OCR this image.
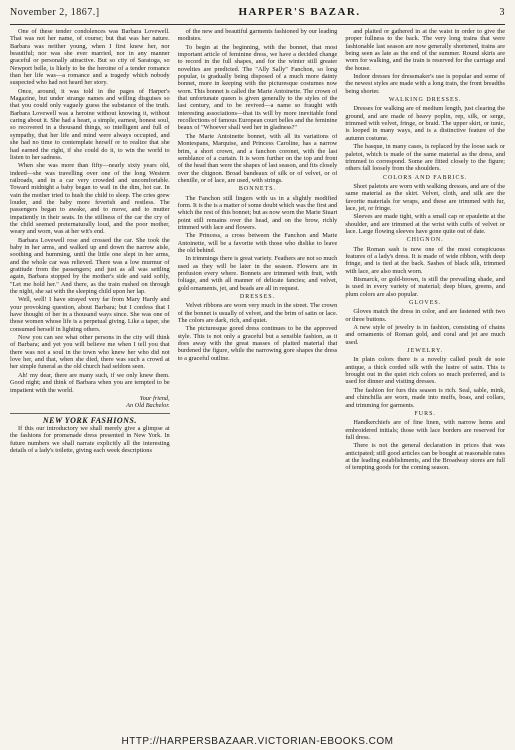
November 2, 1867.]	HARPER'S BAZAR.	3

One of these tender condolences was Barbara Lovewell. That was not her name, of course; but that was her nature. Barbara was neither young, when I first knew her, nor beautiful; nor was she ever married, nor in any manner graceful or personally attractive. But so city of Saratoga, so Newport belle, is likely to be the heroine of a tender romance than her life was—a romance and a tragedy which nobody suspected who had not heard her story.

Once, around, it was told in the pages of Harper's Magazine, but under strange names and willing disguises so that you could only vaguely guess the substance of the truth. Barbara Lovewell was a heroine without knowing it, without caring about it. She had a heart, a simple, earnest, honest soul, so recovered in a thousand things, so intelligent and full of sympathy, that her life and mind were always occupied, and she had no time to contemplate herself or to realize that she had earned the right, if she could do it, to win the world to listen to her sadness.

When she was more than fifty—nearly sixty years old, indeed—she was travelling over one of the long Western railroads, and in a car very crowded and uncomfortable. Toward midnight a baby began to wail in the dim, hot car. In vain the mother tried to hush the child to sleep. The cries grew louder, and the baby more feverish and restless. The passengers began to awake, and to move, and to mutter impatiently in their seats. In the stillness of the car the cry of the child seemed preternaturally loud, and the poor mother, weary and worn, was at her wit's end.

Barbara Lovewell rose and crossed the car. She took the baby in her arms, and walked up and down the narrow aisle, soothing and humming, until the little one slept in her arms, and the whole car was relieved. There was a low murmur of gratitude from the passengers; and just as all was settling again, Barbara stopped by the mother's side and said softly, "Let me hold her." And there, as the train rushed on through the night, she sat with the sleeping child upon her lap.

Well, well! I have strayed very far from Mary Hardy and your provoking question, about Barbara; but I confess that I have thought of her in a thousand ways since. She was one of those women whose life is a perpetual giving. Like a taper, she consumed herself in lighting others.

Now you can see what other persons in the city will think of Barbara; and yet you will believe me when I tell you that there was not a soul in the town who knew her who did not love her, and that, when she died, there was such a crowd at her simple funeral as the old church had seldom seen.

Ah! my dear, there are many such, if we only knew them. Good night; and think of Barbara when you are tempted to be impatient with the world.

Your friend,
An Old Bachelor.
NEW YORK FASHIONS.

If this our introductory we shall merely give a glimpse at the fashions for promenade dress presented in New York. In future numbers we shall narrate explicitly all the interesting details of a lady's toilette, giving each week descriptions

of the new and beautiful garments fashioned by our leading modistes.

To begin at the beginning, with the bonnet, that most important article of feminine dress, we have a decided change to record in the full shapes, and for the winter still greater novelties are predicted. The "Ally Sally" Fanchon, so long popular, is gradually being disposed of a much more dainty bonnet, more in keeping with the picturesque costumes now worn. This bonnet is called the Marie Antoinette. The crown of that unfortunate queen is given generally to the styles of the last century, and to be revived—a name so fraught with interesting associations—that its will by more inevitable fond recollections of famous European court belles and the feminine beaux of "Whoever shall wed her in gladness?"

The Marie Antoinette bonnet, with all its variations of Montespans, Marquise, and Princess Caroline, has a narrow brim, a short crown, and a fanchon coronet, with the last semblance of a curtain. It is worn further on the top and front of the head than were the shapes of last season, and fits closely over the chignon. Broad bandeaux of silk or of velvet, or of chenille, or of lace, are used, with strings.

BONNETS.

The Fanchon still lingers with us in a slightly modified form. It is the is a matter of some doubt which was the first and which the rest of this bonnet; but as now worn the Marie Stuart point still remains over the head, and on the brow, richly trimmed with lace and flowers.

The Princess, a cross between the Fanchon and Marie Antoinette, will be a favorite with those who dislike to leave the old behind.

In trimmings there is great variety. Feathers are not so much used as they will be later in the season. Flowers are in profusion every where. Bonnets are trimmed with fruit, with foliage, and with all manner of delicate fancies; and velvet, gold ornaments, jet, and beads are all in request.

DRESSES.

Velvet ribbons are worn very much in the street. The crown of the bonnet is usually of velvet, and the brim of satin or lace. The colors are dark, rich, and quiet.

The picturesque gored dress continues to be the approved style. This is not only a graceful but a sensible fashion, as it does away with the great masses of plaited material that burdened the figure, while the narrowing gore shapes the dress to a graceful outline.

and plaited or gathered in at the waist in order to give the proper fullness to the back. The very long trains that were fashionable last season are now generally shortened, trains are being seen as late as the end of the summer. Round skirts are worn for walking, and the train is reserved for the carriage and the house.

Indoor dresses for dressmaker's use is popular and some of the newest styles are made with a long train, the front breadths being shorter.

WALKING DRESSES.

Dresses for walking are of medium length, just clearing the ground, and are made of heavy poplin, rep, silk, or serge, trimmed with velvet, fringe, or braid. The upper skirt, or tunic, is looped in many ways, and is a distinctive feature of the autumn costume.

The basque, in many cases, is replaced by the loose sack or paletot, which is made of the same material as the dress, and trimmed to correspond. Some are fitted closely to the figure; others fall loosely from the shoulders.

COLORS AND FABRICS.

Short paletots are worn with walking dresses, and are of the same material as the skirt. Velvet, cloth, and silk are the favorite materials for wraps, and these are trimmed with fur, lace, jet, or fringe.

Sleeves are made tight, with a small cap or epaulette at the shoulder, and are trimmed at the wrist with cuffs of velvet or lace. Large flowing sleeves have gone quite out of date.

CHIGNON.

The Roman sash is now one of the most conspicuous features of a lady's dress. It is made of wide ribbon, with deep fringe, and is tied at the back. Sashes of black silk, trimmed with lace, are also much worn.

Bismarck, or gold-brown, is still the prevailing shade, and is used in every variety of material; deep blues, greens, and plum colors are also popular.

GLOVES.

Gloves match the dress in color, and are fastened with two or three buttons.

A new style of jewelry is in fashion, consisting of chains and ornaments of Roman gold, and coral and jet are much used.

JEWELRY.

In plain colors there is a novelty called poult de soie antique, a thick corded silk with the lustre of satin. This is brought out in the quiet rich colors so much preferred, and is used for dinner and visiting dresses.

The fashion for furs this season is rich. Seal, sable, mink, and chinchilla are worn, made into muffs, boas, and collars, and trimming for garments.

FURS.

Handkerchiefs are of fine linen, with narrow hems and embroidered initials; those with lace borders are reserved for full dress.

There is not the general declaration in prices that was anticipated; still good articles can be bought at reasonable rates at the leading establishments, and the Broadway stores are full of tempting goods for the coming season.

HTTP://HARPERSBAZAAR.VICTORIAN-EBOOKS.COM
